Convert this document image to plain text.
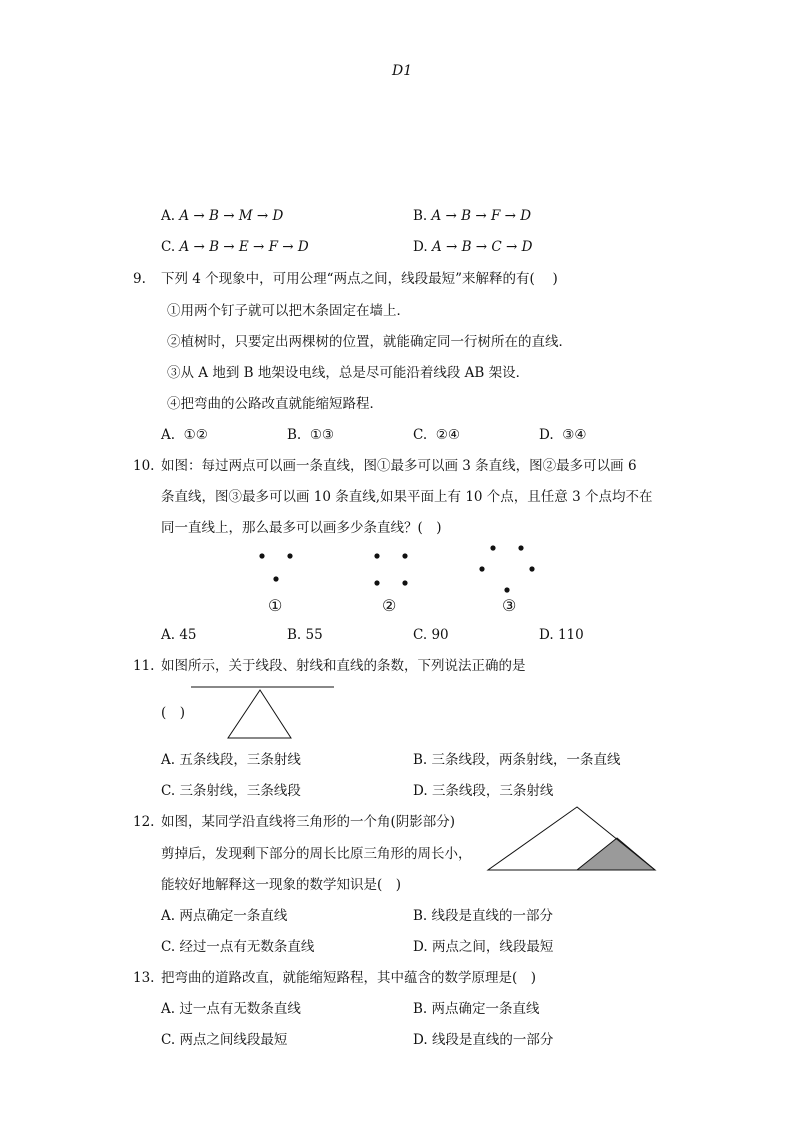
D1
A. A → B → M → D	B. A → B → F → D
C. A → B → E → F → D	D. A → B → C → D
9. 下列 4 个现象中，可用公理“两点之间，线段最短”来解释的有(　 )
①用两个钉子就可以把木条固定在墙上．
②植树时，只要定出两棵树的位置，就能确定同一行树所在的直线．
③从 A 地到 B 地架设电线，总是尽可能沿着线段 AB 架设．
④把弯曲的公路改直就能缩短路程．
A. ①②	B. ①③	C. ②④	D. ③④
10. 如图：每过两点可以画一条直线，图①最多可以画 3 条直线，图②最多可以画 6
条直线，图③最多可以画 10 条直线,如果平面上有 10 个点，且任意 3 个点均不在
同一直线上，那么最多可以画多少条直线？(　)
①	②	③
A. 45	B. 55	C. 90	D. 110
11. 如图所示，关于线段、射线和直线的条数，下列说法正确的是
(　)
A. 五条线段，三条射线	B. 三条线段，两条射线，一条直线
C. 三条射线，三条线段	D. 三条线段，三条射线
12. 如图，某同学沿直线将三角形的一个角(阴影部分)
剪掉后，发现剩下部分的周长比原三角形的周长小，
能较好地解释这一现象的数学知识是(　)
A. 两点确定一条直线	B. 线段是直线的一部分
C. 经过一点有无数条直线	D. 两点之间，线段最短
13. 把弯曲的道路改直，就能缩短路程，其中蕴含的数学原理是(　)
A. 过一点有无数条直线	B. 两点确定一条直线
C. 两点之间线段最短	D. 线段是直线的一部分
